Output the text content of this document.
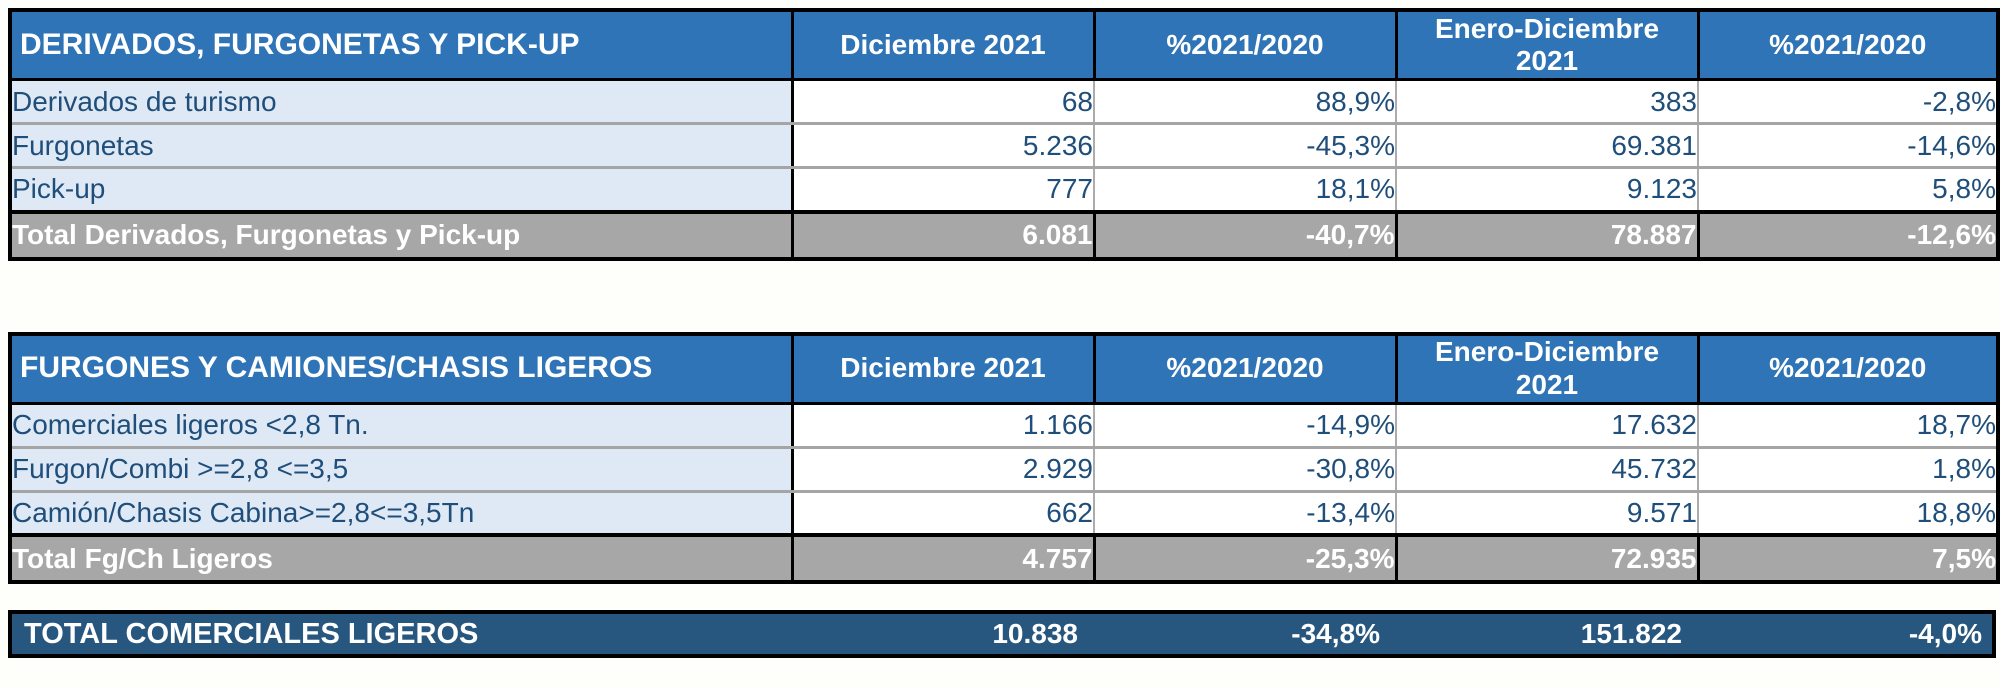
DERIVADOS, FURGONETAS Y PICK-UP	Diciembre 2021	%2021/2020	Enero-Diciembre 2021	%2021/2020
Derivados de turismo	68	88,9%	383	-2,8%
Furgonetas	5.236	-45,3%	69.381	-14,6%
Pick-up	777	18,1%	9.123	5,8%
Total Derivados, Furgonetas y Pick-up	6.081	-40,7%	78.887	-12,6%
FURGONES Y CAMIONES/CHASIS LIGEROS	Diciembre 2021	%2021/2020	Enero-Diciembre 2021	%2021/2020
Comerciales ligeros <2,8 Tn.	1.166	-14,9%	17.632	18,7%
Furgon/Combi >=2,8 <=3,5	2.929	-30,8%	45.732	1,8%
Camión/Chasis Cabina>=2,8<=3,5Tn	662	-13,4%	9.571	18,8%
Total Fg/Ch Ligeros	4.757	-25,3%	72.935	7,5%
TOTAL COMERCIALES LIGEROS	10.838	-34,8%	151.822	-4,0%
